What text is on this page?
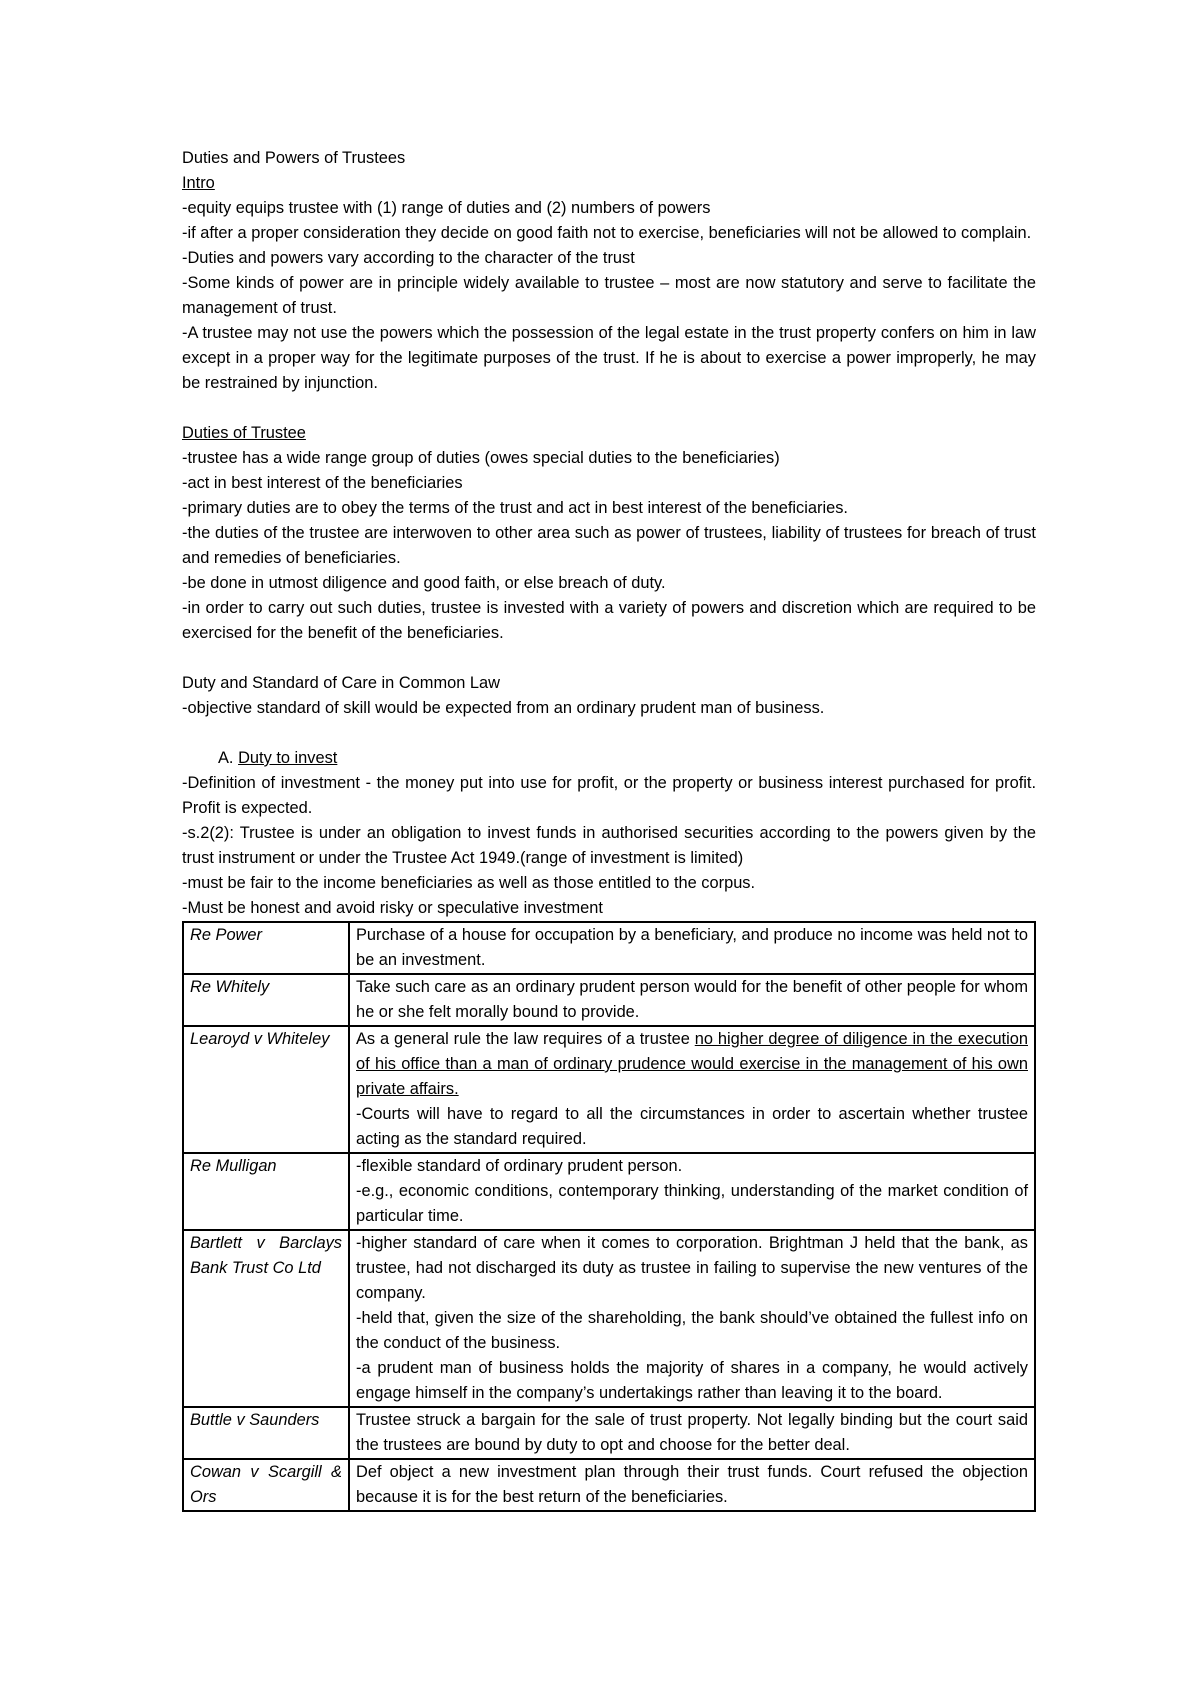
Duties and Powers of Trustees

Intro

-equity equips trustee with (1) range of duties and (2) numbers of powers

-if after a proper consideration they decide on good faith not to exercise, beneficiaries will not be allowed to complain.

-Duties and powers vary according to the character of the trust

-Some kinds of power are in principle widely available to trustee – most are now statutory and serve to facilitate the management of trust.

-A trustee may not use the powers which the possession of the legal estate in the trust property confers on him in law except in a proper way for the legitimate purposes of the trust. If he is about to exercise a power improperly, he may be restrained by injunction.

Duties of Trustee

-trustee has a wide range group of duties (owes special duties to the beneficiaries)

-act in best interest of the beneficiaries

-primary duties are to obey the terms of the trust and act in best interest of the beneficiaries.

-the duties of the trustee are interwoven to other area such as power of trustees, liability of trustees for breach of trust and remedies of beneficiaries.

-be done in utmost diligence and good faith, or else breach of duty.

-in order to carry out such duties, trustee is invested with a variety of powers and discretion which are required to be exercised for the benefit of the beneficiaries.

Duty and Standard of Care in Common Law

-objective standard of skill would be expected from an ordinary prudent man of business.

A. Duty to invest

-Definition of investment - the money put into use for profit, or the property or business interest purchased for profit. Profit is expected.

-s.2(2): Trustee is under an obligation to invest funds in authorised securities according to the powers given by the trust instrument or under the Trustee Act 1949.(range of investment is limited)

-must be fair to the income beneficiaries as well as those entitled to the corpus.

-Must be honest and avoid risky or speculative investment

Re Power	Purchase of a house for occupation by a beneficiary, and produce no income was held not to be an investment.

Re Whitely	Take such care as an ordinary prudent person would for the benefit of other people for whom he or she felt morally bound to provide.

Learoyd v Whiteley	As a general rule the law requires of a trustee no higher degree of diligence in the execution of his office than a man of ordinary prudence would exercise in the management of his own private affairs.

-Courts will have to regard to all the circumstances in order to ascertain whether trustee acting as the standard required.

Re Mulligan	-flexible standard of ordinary prudent person.

-e.g., economic conditions, contemporary thinking, understanding of the market condition of particular time.

Bartlett v Barclays Bank Trust Co Ltd	-higher standard of care when it comes to corporation. Brightman J held that the bank, as trustee, had not discharged its duty as trustee in failing to supervise the new ventures of the company.

-held that, given the size of the shareholding, the bank should’ve obtained the fullest info on the conduct of the business.

-a prudent man of business holds the majority of shares in a company, he would actively engage himself in the company’s undertakings rather than leaving it to the board.

Buttle v Saunders	Trustee struck a bargain for the sale of trust property. Not legally binding but the court said the trustees are bound by duty to opt and choose for the better deal.

Cowan v Scargill & Ors	Def object a new investment plan through their trust funds. Court refused the objection because it is for the best return of the beneficiaries.
